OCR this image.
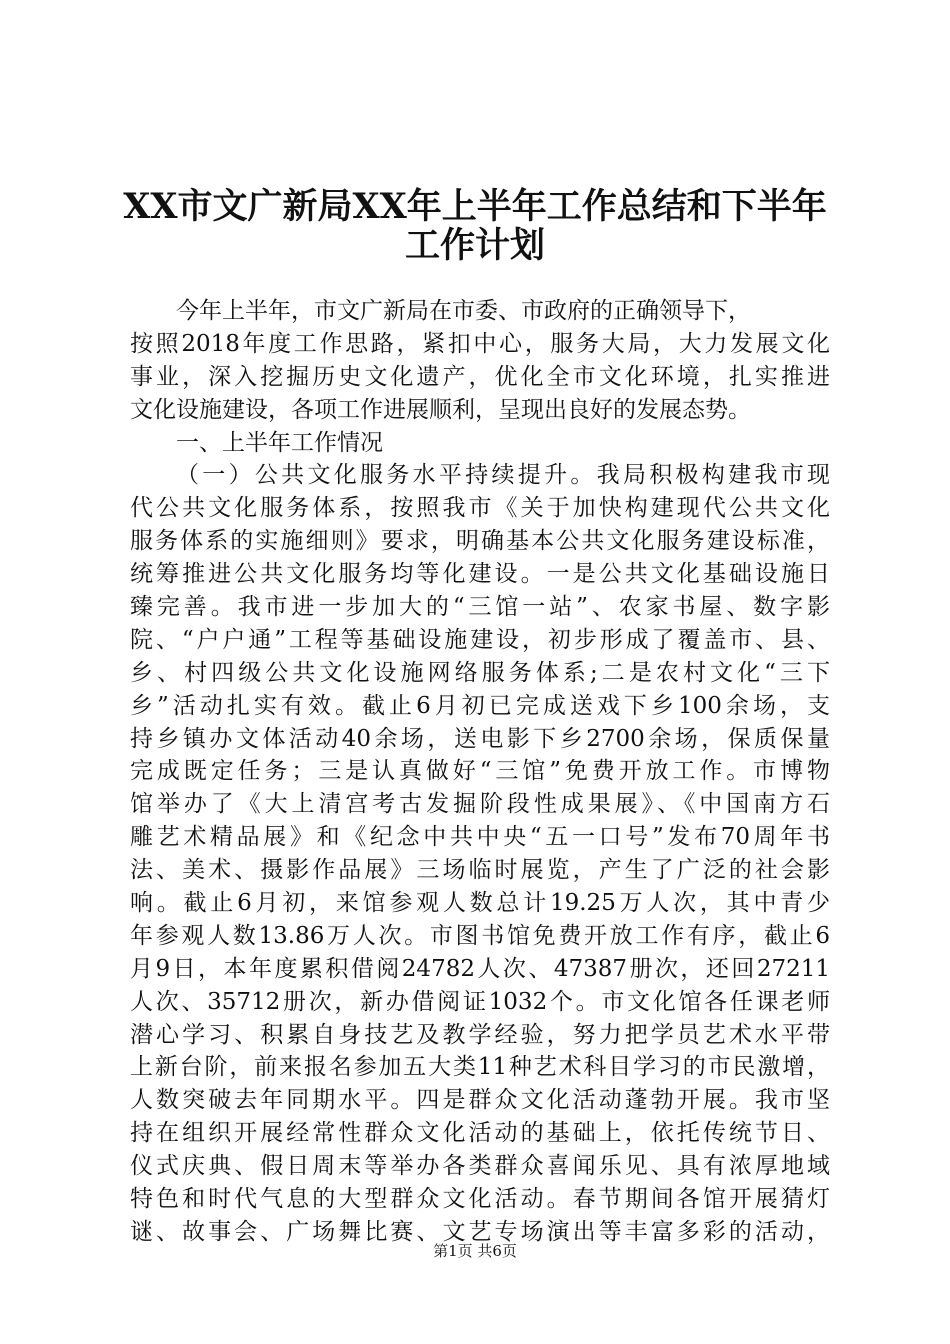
XX市文广新局XX年上半年工作总结和下半年
工作计划
今年上半年，市文广新局在市委、市政府的正确领导下，
按照2018年度工作思路，紧扣中心，服务大局，大力发展文化
事业，深入挖掘历史文化遗产，优化全市文化环境，扎实推进
文化设施建设，各项工作进展顺利，呈现出良好的发展态势。
一、上半年工作情况
（一）公共文化服务水平持续提升。我局积极构建我市现
代公共文化服务体系，按照我市《关于加快构建现代公共文化
服务体系的实施细则》要求，明确基本公共文化服务建设标准，
统筹推进公共文化服务均等化建设。一是公共文化基础设施日
臻完善。我市进一步加大的“三馆一站”、农家书屋、数字影
院、“户户通”工程等基础设施建设，初步形成了覆盖市、县、
乡、村四级公共文化设施网络服务体系;二是农村文化“三下
乡”活动扎实有效。截止6月初已完成送戏下乡100余场，支
持乡镇办文体活动40余场，送电影下乡2700余场，保质保量
完成既定任务；三是认真做好“三馆”免费开放工作。市博物
馆举办了《大上清宫考古发掘阶段性成果展》、《中国南方石
雕艺术精品展》和《纪念中共中央“五一口号”发布70周年书
法、美术、摄影作品展》三场临时展览，产生了广泛的社会影
响。截止6月初，来馆参观人数总计19.25万人次，其中青少
年参观人数13.86万人次。市图书馆免费开放工作有序，截止6
月9日，本年度累积借阅24782人次、47387册次，还回27211
人次、35712册次，新办借阅证1032个。市文化馆各任课老师
潜心学习、积累自身技艺及教学经验，努力把学员艺术水平带
上新台阶，前来报名参加五大类11种艺术科目学习的市民激增，
人数突破去年同期水平。四是群众文化活动蓬勃开展。我市坚
持在组织开展经常性群众文化活动的基础上，依托传统节日、
仪式庆典、假日周末等举办各类群众喜闻乐见、具有浓厚地域
特色和时代气息的大型群众文化活动。春节期间各馆开展猜灯
谜、故事会、广场舞比赛、文艺专场演出等丰富多彩的活动，
第1页 共6页
